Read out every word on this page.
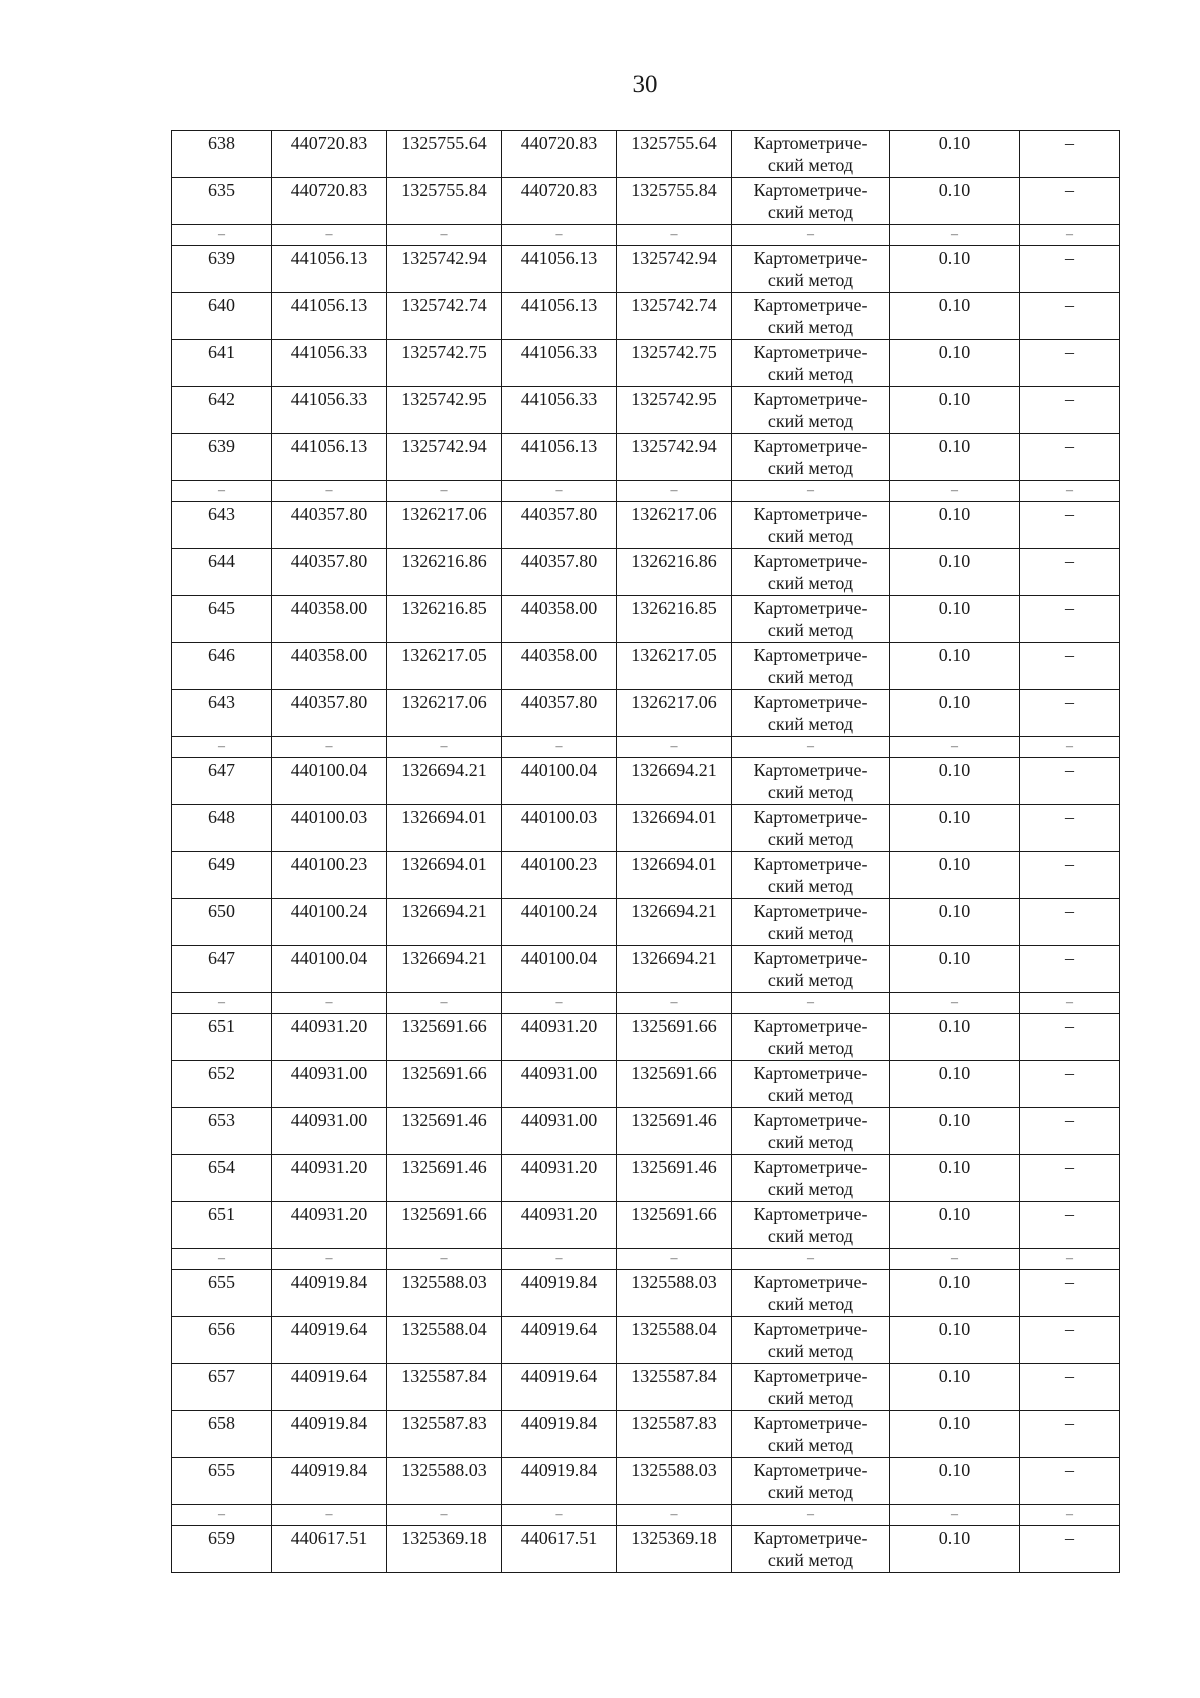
30
638	440720.83	1325755.64	440720.83	1325755.64	Картометриче-
ский метод	0.10	–
635	440720.83	1325755.84	440720.83	1325755.84	Картометриче-
ский метод	0.10	–
–	–	–	–	–	–	–	–
639	441056.13	1325742.94	441056.13	1325742.94	Картометриче-
ский метод	0.10	–
640	441056.13	1325742.74	441056.13	1325742.74	Картометриче-
ский метод	0.10	–
641	441056.33	1325742.75	441056.33	1325742.75	Картометриче-
ский метод	0.10	–
642	441056.33	1325742.95	441056.33	1325742.95	Картометриче-
ский метод	0.10	–
639	441056.13	1325742.94	441056.13	1325742.94	Картометриче-
ский метод	0.10	–
–	–	–	–	–	–	–	–
643	440357.80	1326217.06	440357.80	1326217.06	Картометриче-
ский метод	0.10	–
644	440357.80	1326216.86	440357.80	1326216.86	Картометриче-
ский метод	0.10	–
645	440358.00	1326216.85	440358.00	1326216.85	Картометриче-
ский метод	0.10	–
646	440358.00	1326217.05	440358.00	1326217.05	Картометриче-
ский метод	0.10	–
643	440357.80	1326217.06	440357.80	1326217.06	Картометриче-
ский метод	0.10	–
–	–	–	–	–	–	–	–
647	440100.04	1326694.21	440100.04	1326694.21	Картометриче-
ский метод	0.10	–
648	440100.03	1326694.01	440100.03	1326694.01	Картометриче-
ский метод	0.10	–
649	440100.23	1326694.01	440100.23	1326694.01	Картометриче-
ский метод	0.10	–
650	440100.24	1326694.21	440100.24	1326694.21	Картометриче-
ский метод	0.10	–
647	440100.04	1326694.21	440100.04	1326694.21	Картометриче-
ский метод	0.10	–
–	–	–	–	–	–	–	–
651	440931.20	1325691.66	440931.20	1325691.66	Картометриче-
ский метод	0.10	–
652	440931.00	1325691.66	440931.00	1325691.66	Картометриче-
ский метод	0.10	–
653	440931.00	1325691.46	440931.00	1325691.46	Картометриче-
ский метод	0.10	–
654	440931.20	1325691.46	440931.20	1325691.46	Картометриче-
ский метод	0.10	–
651	440931.20	1325691.66	440931.20	1325691.66	Картометриче-
ский метод	0.10	–
–	–	–	–	–	–	–	–
655	440919.84	1325588.03	440919.84	1325588.03	Картометриче-
ский метод	0.10	–
656	440919.64	1325588.04	440919.64	1325588.04	Картометриче-
ский метод	0.10	–
657	440919.64	1325587.84	440919.64	1325587.84	Картометриче-
ский метод	0.10	–
658	440919.84	1325587.83	440919.84	1325587.83	Картометриче-
ский метод	0.10	–
655	440919.84	1325588.03	440919.84	1325588.03	Картометриче-
ский метод	0.10	–
–	–	–	–	–	–	–	–
659	440617.51	1325369.18	440617.51	1325369.18	Картометриче-
ский метод	0.10	–
